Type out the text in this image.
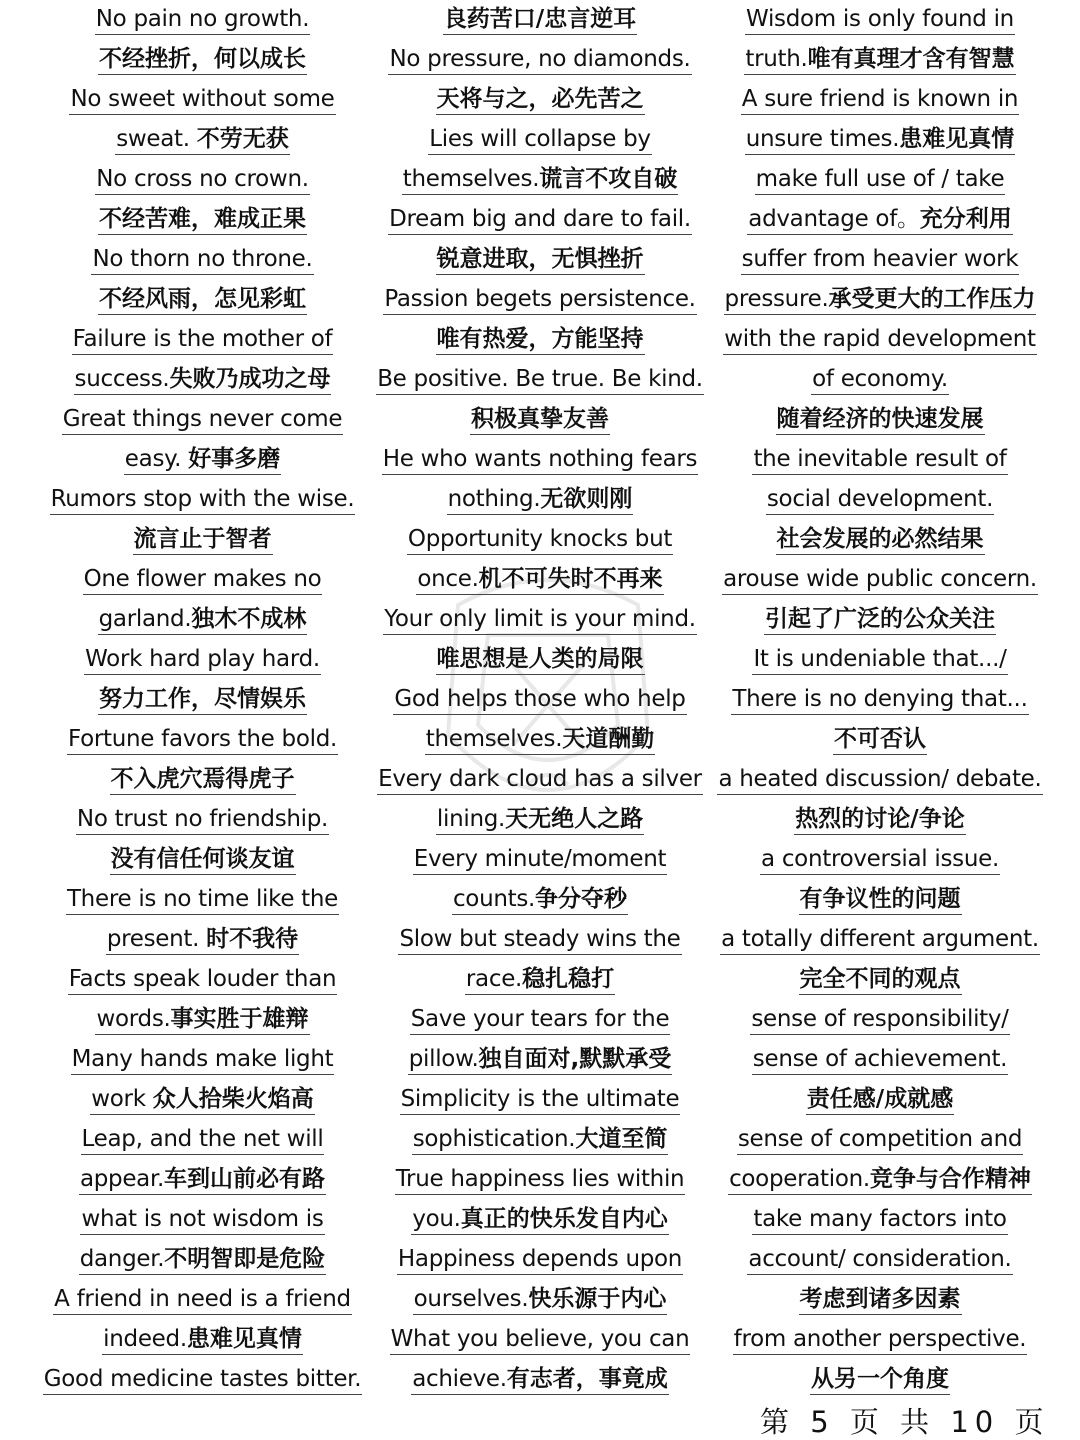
No pain no growth.
不经挫折，何以成长
No sweet without some
sweat. 不劳无获
No cross no crown.
不经苦难，难成正果
No thorn no throne.
不经风雨，怎见彩虹
Failure is the mother of
success.失败乃成功之母
Great things never come
easy. 好事多磨
Rumors stop with the wise.
流言止于智者
One flower makes no
garland.独木不成林
Work hard play hard.
努力工作，尽情娱乐
Fortune favors the bold.
不入虎穴焉得虎子
No trust no friendship.
没有信任何谈友谊
There is no time like the
present. 时不我待
Facts speak louder than
words.事实胜于雄辩
Many hands make light
work 众人拾柴火焰高
Leap, and the net will
appear.车到山前必有路
what is not wisdom is
danger.不明智即是危险
A friend in need is a friend
indeed.患难见真情
Good medicine tastes bitter.
良药苦口/忠言逆耳
No pressure, no diamonds.
天将与之，必先苦之
Lies will collapse by
themselves.谎言不攻自破
Dream big and dare to fail.
锐意进取，无惧挫折
Passion begets persistence.
唯有热爱，方能坚持
Be positive. Be true. Be kind.
积极真挚友善
He who wants nothing fears
nothing.无欲则刚
Opportunity knocks but
once.机不可失时不再来
Your only limit is your mind.
唯思想是人类的局限
God helps those who help
themselves.天道酬勤
Every dark cloud has a silver
lining.天无绝人之路
Every minute/moment
counts.争分夺秒
Slow but steady wins the
race.稳扎稳打
Save your tears for the
pillow.独自面对,默默承受
Simplicity is the ultimate
sophistication.大道至简
True happiness lies within
you.真正的快乐发自内心
Happiness depends upon
ourselves.快乐源于内心
What you believe, you can
achieve.有志者，事竟成
Wisdom is only found in
truth.唯有真理才含有智慧
A sure friend is known in
unsure times.患难见真情
make full use of / take
advantage of。充分利用
suffer from heavier work
pressure.承受更大的工作压力
with the rapid development
of economy.
随着经济的快速发展
the inevitable result of
social development.
社会发展的必然结果
arouse wide public concern.
引起了广泛的公众关注
It is undeniable that.../
There is no denying that...
不可否认
a heated discussion/ debate.
热烈的讨论/争论
a controversial issue.
有争议性的问题
a totally different argument.
完全不同的观点
sense of responsibility/
sense of achievement.
责任感/成就感
sense of competition and
cooperation.竞争与合作精神
take many factors into
account/ consideration.
考虑到诸多因素
from another perspective.
从另一个角度
第 5 页 共 10 页
